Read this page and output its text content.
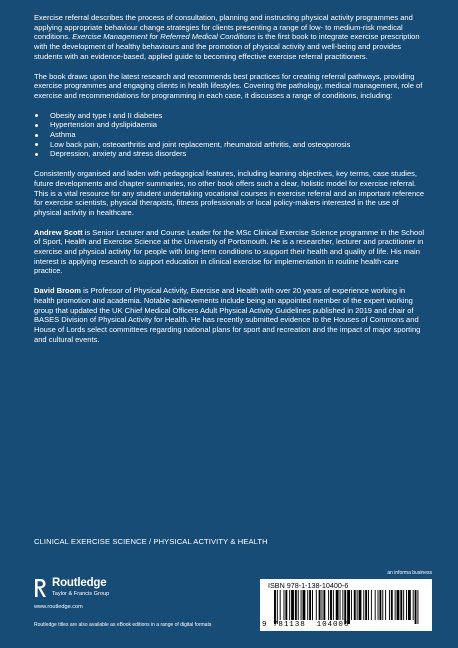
Exercise referral describes the process of consultation, planning and instructing physical activity programmes and applying appropriate behaviour change strategies for clients presenting a range of low- to medium-risk medical conditions. Exercise Management for Referred Medical Conditions is the first book to integrate exercise prescription with the development of healthy behaviours and the promotion of physical activity and well-being and provides students with an evidence-based, applied guide to becoming effective exercise referral practitioners.

The book draws upon the latest research and recommends best practices for creating referral pathways, providing exercise programmes and engaging clients in health lifestyles. Covering the pathology, medical management, role of exercise and recommendations for programming in each case, it discusses a range of conditions, including:

Obesity and type I and II diabetes
Hypertension and dyslipidaemia
Asthma
Low back pain, osteoarthritis and joint replacement, rheumatoid arthritis, and osteoporosis
Depression, anxiety and stress disorders

Consistently organised and laden with pedagogical features, including learning objectives, key terms, case studies, future developments and chapter summaries, no other book offers such a clear, holistic model for exercise referral. This is a vital resource for any student undertaking vocational courses in exercise referral and an important reference for exercise scientists, physical therapists, fitness professionals or local policy-makers interested in the use of physical activity in healthcare.

Andrew Scott is Senior Lecturer and Course Leader for the MSc Clinical Exercise Science programme in the School of Sport, Health and Exercise Science at the University of Portsmouth. He is a researcher, lecturer and practitioner in exercise and physical activity for people with long-term conditions to support their health and quality of life. His main interest is applying research to support education in clinical exercise for implementation in routine health-care practice.

David Broom is Professor of Physical Activity, Exercise and Health with over 20 years of experience working in health promotion and academia. Notable achievements include being an appointed member of the expert working group that updated the UK Chief Medical Officers Adult Physical Activity Guidelines published in 2019 and chair of BASES Division of Physical Activity for Health. He has recently submitted evidence to the Houses of Commons and House of Lords select committees regarding national plans for sport and recreation and the impact of major sporting and cultural events.

CLINICAL EXERCISE SCIENCE / PHYSICAL ACTIVITY & HEALTH
Routledge
Taylor & Francis Group
www.routledge.com
Routledge titles are also available as eBook editions in a range of digital formats
an informa business
ISBN 978-1-138-10400-6
9 781138 104006
